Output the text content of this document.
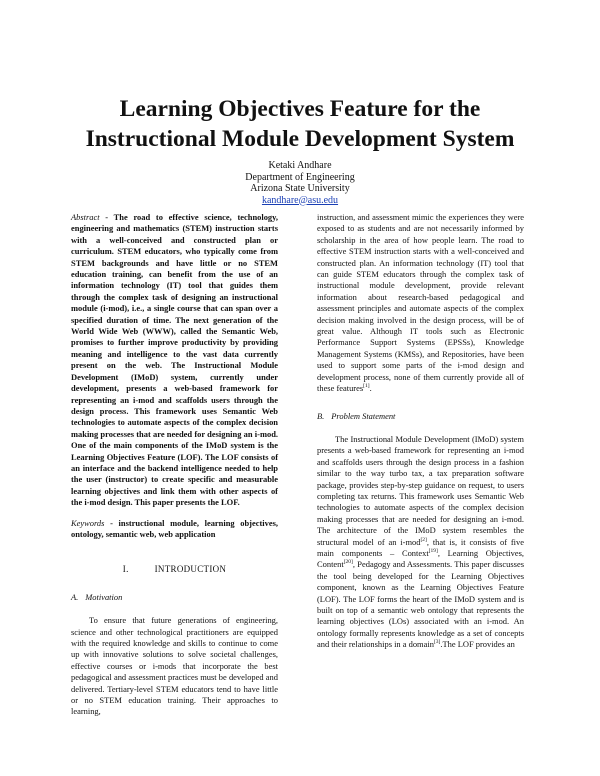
Learning Objectives Feature for the
Instructional Module Development System
Ketaki Andhare
Department of Engineering
Arizona State University
kandhare@asu.edu

Abstract - The road to effective science, technology, engineering and mathematics (STEM) instruction starts with a well-conceived and constructed plan or curriculum. STEM educators, who typically come from STEM backgrounds and have little or no STEM education training, can benefit from the use of an information technology (IT) tool that guides them through the complex task of designing an instructional module (i-mod), i.e., a single course that can span over a specified duration of time. The next generation of the World Wide Web (WWW), called the Semantic Web, promises to further improve productivity by providing meaning and intelligence to the vast data currently present on the web. The Instructional Module Development (IMoD) system, currently under development, presents a web-based framework for representing an i-mod and scaffolds users through the design process. This framework uses Semantic Web technologies to automate aspects of the complex decision making processes that are needed for designing an i-mod. One of the main components of the IMoD system is the Learning Objectives Feature (LOF). The LOF consists of an interface and the backend intelligence needed to help the user (instructor) to create specific and measurable learning objectives and link them with other aspects of the i-mod design. This paper presents the LOF.

Keywords - instructional module, learning objectives, ontology, semantic web, web application

I.	INTRODUCTION

A. Motivation

To ensure that future generations of engineering, science and other technological practitioners are equipped with the required knowledge and skills to continue to come up with innovative solutions to solve societal challenges, effective courses or i-mods that incorporate the best pedagogical and assessment practices must be developed and delivered. Tertiary-level STEM educators tend to have little or no STEM education training. Their approaches to learning,

instruction, and assessment mimic the experiences they were exposed to as students and are not necessarily informed by scholarship in the area of how people learn. The road to effective STEM instruction starts with a well-conceived and constructed plan. An information technology (IT) tool that can guide STEM educators through the complex task of instructional module development, provide relevant information about research-based pedagogical and assessment principles and automate aspects of the complex decision making involved in the design process, will be of great value. Although IT tools such as Electronic Performance Support Systems (EPSSs), Knowledge Management Systems (KMSs), and Repositories, have been used to support some parts of the i-mod design and development process, none of them currently provide all of these features[1].

B. Problem Statement

The Instructional Module Development (IMoD) system presents a web-based framework for representing an i-mod and scaffolds users through the design process in a fashion similar to the way turbo tax, a tax preparation software package, provides step-by-step guidance on request, to users completing tax returns. This framework uses Semantic Web technologies to automate aspects of the complex decision making processes that are needed for designing an i-mod. The architecture of the IMoD system resembles the structural model of an i-mod[2], that is, it consists of five main components – Context[19], Learning Objectives, Content[20], Pedagogy and Assessments. This paper discusses the tool being developed for the Learning Objectives component, known as the Learning Objectives Feature (LOF). The LOF forms the heart of the IMoD system and is built on top of a semantic web ontology that represents the learning objectives (LOs) associated with an i-mod. An ontology formally represents knowledge as a set of concepts and their relationships in a domain[3].The LOF provides an
